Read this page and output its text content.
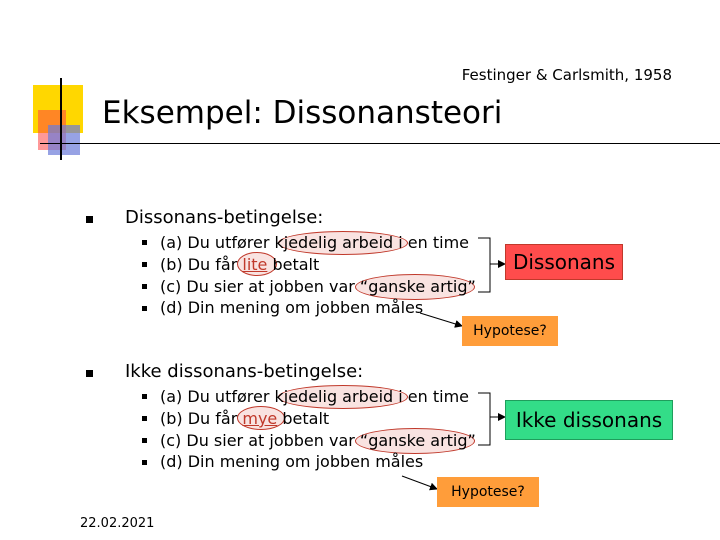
Festinger & Carlsmith, 1958
Eksempel: Dissonansteori
Dissonans-betingelse:
(a) Du utfører kjedelig arbeid i en time
(b) Du får lite betalt
(c) Du sier at jobben var “ganske artig”
(d) Din mening om jobben måles
Dissonans
Hypotese?
Ikke dissonans-betingelse:
(a) Du utfører kjedelig arbeid i en time
(b) Du får mye betalt
(c) Du sier at jobben var “ganske artig”
(d) Din mening om jobben måles
Ikke dissonans
Hypotese?
22.02.2021
